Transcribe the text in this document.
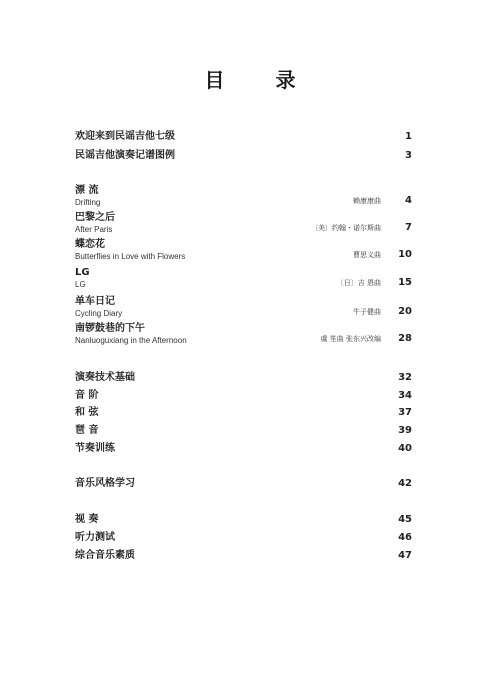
目 录
欢迎来到民谣吉他七级	1
民谣吉他演奏记谱图例	3
漂 流
Drifting	赖康康曲 4
巴黎之后
After Paris	〔美〕约翰・诺尔斯曲 7
蝶恋花
Butterflies in Love with Flowers	曹思义曲 10
LG
LG	〔日〕吉 恩曲 15
单车日记
Cycling Diary	牛子健曲 20
南锣鼓巷的下午
Nanluoguxiang in the Afternoon	虞 笙曲 张东兴改编 28
演奏技术基础	32
音 阶	34
和 弦	37
琶 音	39
节奏训练	40
音乐风格学习	42
视 奏	45
听力测试	46
综合音乐素质	47
